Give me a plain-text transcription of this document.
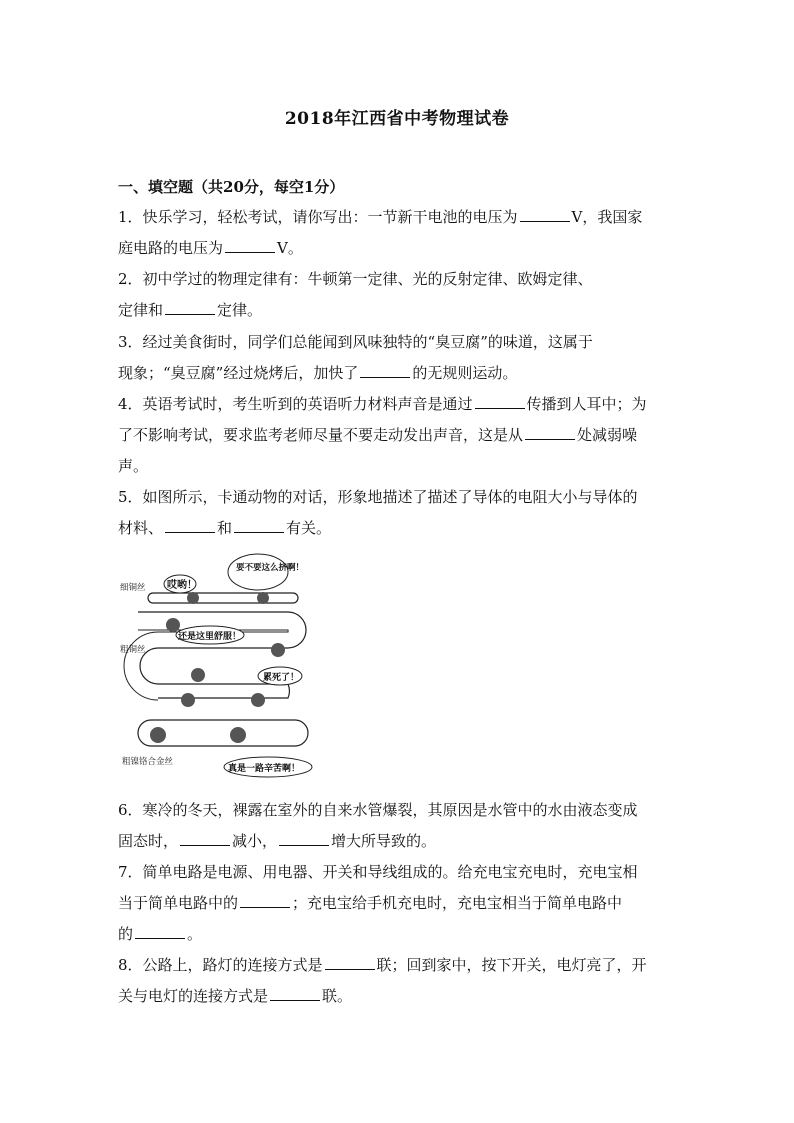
2018年江西省中考物理试卷
一、填空题（共20分，每空1分）
1．快乐学习，轻松考试，请你写出：一节新干电池的电压为	V，我国家
庭电路的电压为	V。
2．初中学过的物理定律有：牛顿第一定律、光的反射定律、欧姆定律、
定律和	定律。
3．经过美食街时，同学们总能闻到风味独特的“臭豆腐”的味道，这属于
现象；“臭豆腐”经过烧烤后，加快了	的无规则运动。
4．英语考试时，考生听到的英语听力材料声音是通过	传播到人耳中；为
了不影响考试，要求监考老师尽量不要走动发出声音，这是从	处减弱噪
声。
5．如图所示，卡通动物的对话，形象地描述了描述了导体的电阻大小与导体的
材料、	和	有关。
细铜丝
粗铜丝
粗镍铬合金丝
哎哟！
要不要这么挤啊！
还是这里舒服！
累死了！
真是一路辛苦啊！
6．寒冷的冬天，裸露在室外的自来水管爆裂，其原因是水管中的水由液态变成
固态时，	减小，	增大所导致的。
7．简单电路是电源、用电器、开关和导线组成的。给充电宝充电时，充电宝相
当于简单电路中的	；充电宝给手机充电时，充电宝相当于简单电路中
的	。
8．公路上，路灯的连接方式是	联；回到家中，按下开关，电灯亮了，开
关与电灯的连接方式是	联。
